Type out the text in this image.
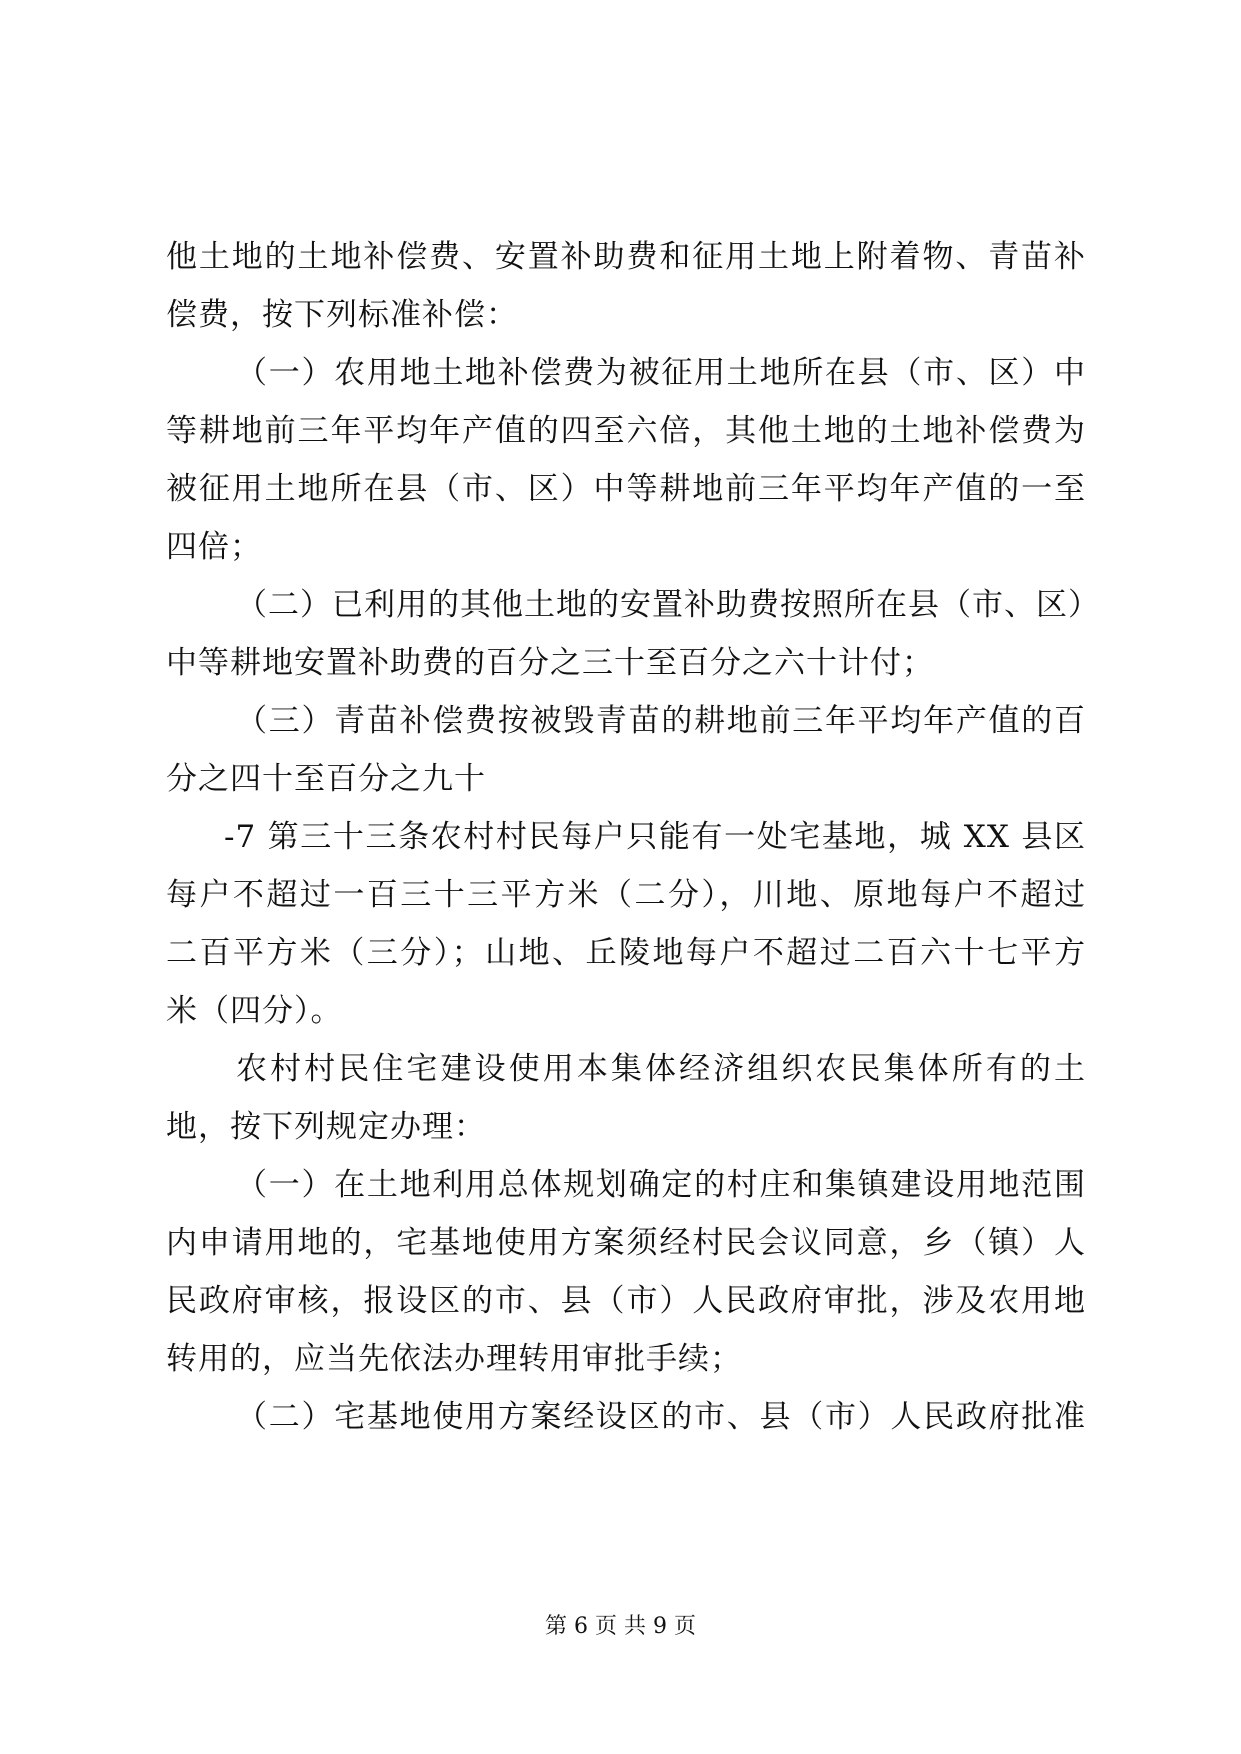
他土地的土地补偿费、安置补助费和征用土地上附着物、青苗补
偿费，按下列标准补偿：
（一）农用地土地补偿费为被征用土地所在县（市、区）中
等耕地前三年平均年产值的四至六倍，其他土地的土地补偿费为
被征用土地所在县（市、区）中等耕地前三年平均年产值的一至
四倍；
（二）已利用的其他土地的安置补助费按照所在县（市、区）
中等耕地安置补助费的百分之三十至百分之六十计付；
（三）青苗补偿费按被毁青苗的耕地前三年平均年产值的百
分之四十至百分之九十
-7 第三十三条农村村民每户只能有一处宅基地，城 XX 县区
每户不超过一百三十三平方米（二分），川地、原地每户不超过
二百平方米（三分）；山地、丘陵地每户不超过二百六十七平方
米（四分）。
农村村民住宅建设使用本集体经济组织农民集体所有的土
地，按下列规定办理：
（一）在土地利用总体规划确定的村庄和集镇建设用地范围
内申请用地的，宅基地使用方案须经村民会议同意，乡（镇）人
民政府审核，报设区的市、县（市）人民政府审批，涉及农用地
转用的，应当先依法办理转用审批手续；
（二）宅基地使用方案经设区的市、县（市）人民政府批准
第 6 页 共 9 页
